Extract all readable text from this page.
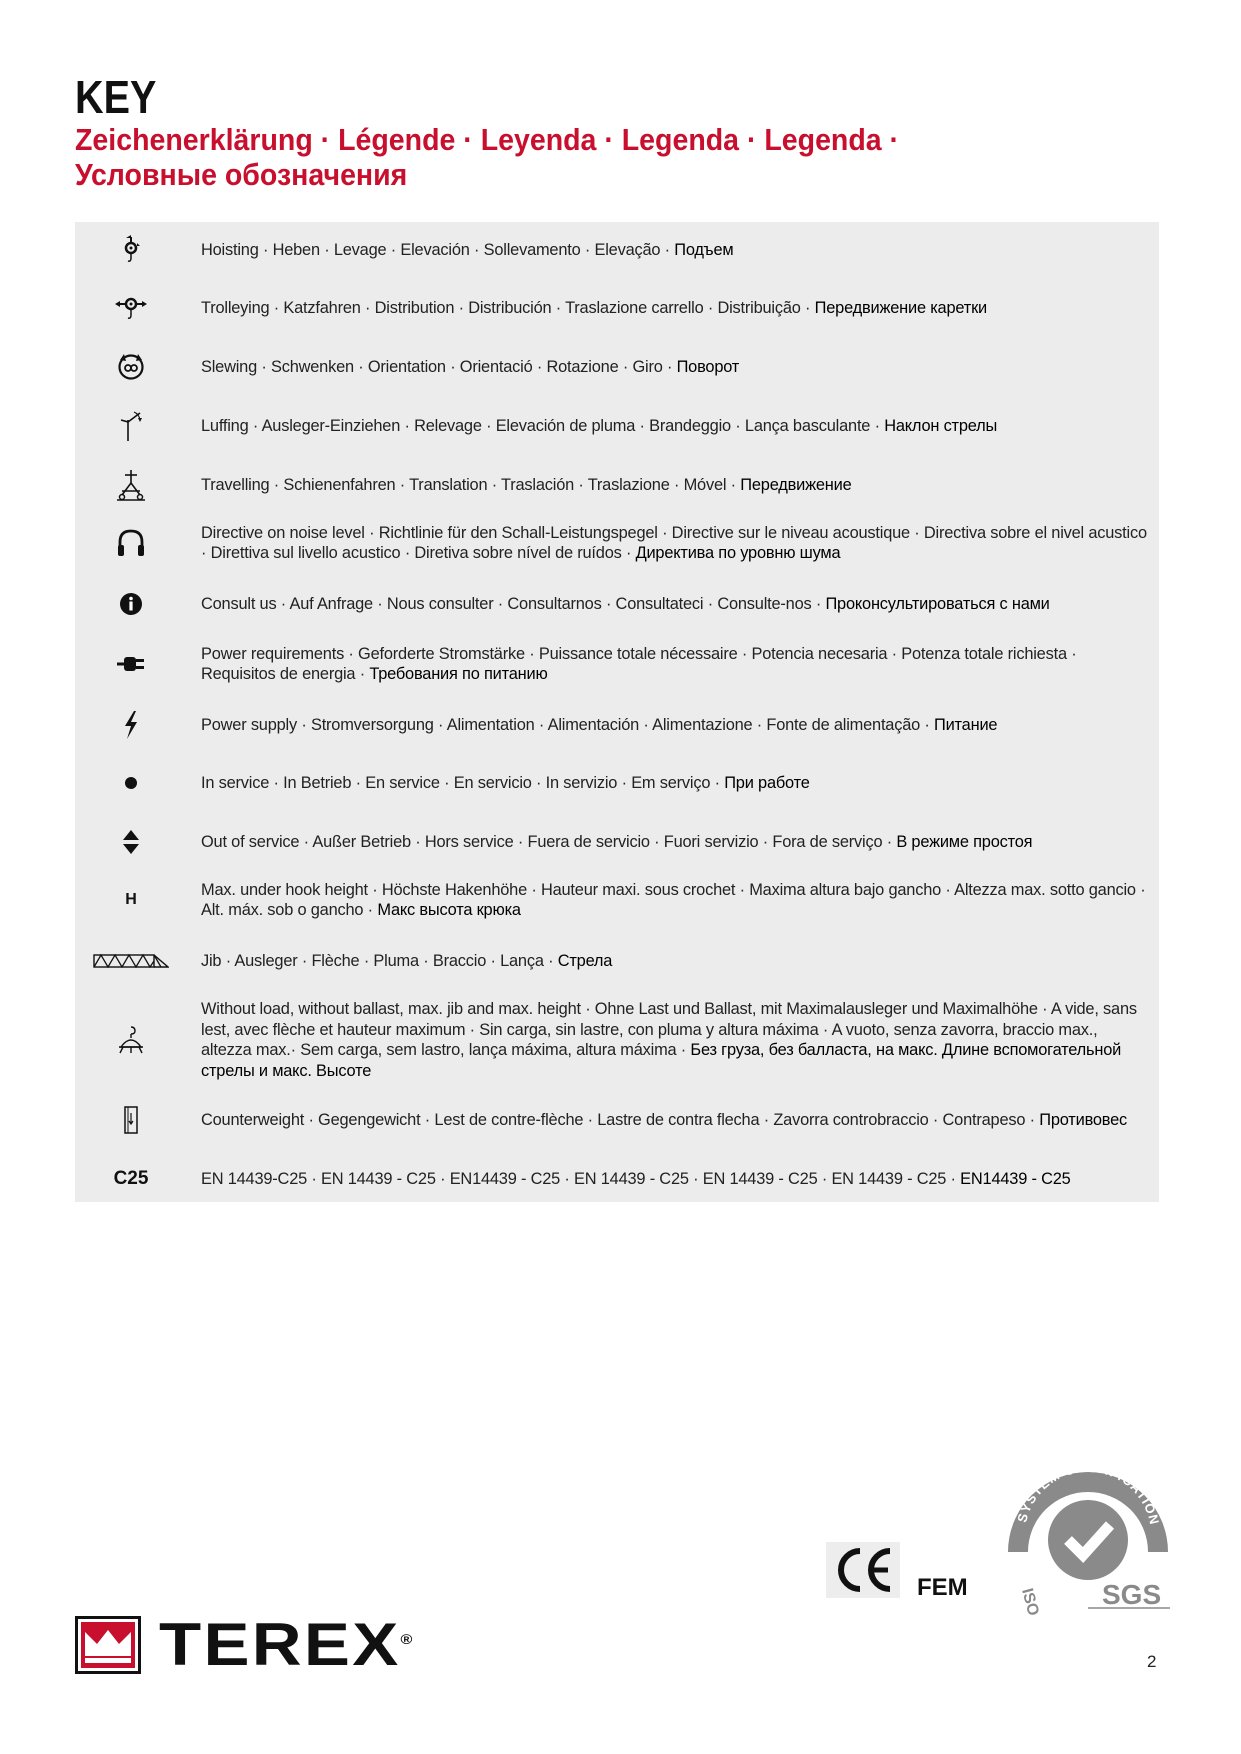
KEY
Zeichenerklärung · Légende · Leyenda · Legenda · Legenda · Условные обозначения
Hoisting · Heben · Levage · Elevación · Sollevamento · Elevação · Подъем
Trolleying · Katzfahren · Distribution · Distribución · Traslazione carrello · Distribuição · Передвижение каретки
Slewing · Schwenken · Orientation · Orientació · Rotazione · Giro · Поворот
Luffing · Ausleger-Einziehen · Relevage · Elevación de pluma · Brandeggio · Lança basculante · Наклон стрелы
Travelling · Schienenfahren · Translation · Traslación · Traslazione · Móvel · Передвижение
Directive on noise level · Richtlinie für den Schall-Leistungspegel · Directive sur le niveau acoustique · Directiva sobre el nivel acustico · Direttiva sul livello acustico · Diretiva sobre nível de ruídos · Директива по уровню шума
Consult us · Auf Anfrage · Nous consulter · Consultarnos · Consultateci · Consulte-nos · Проконсультироваться с нами
Power requirements · Geforderte Stromstärke · Puissance totale nécessaire · Potencia necesaria · Potenza totale richiesta · Requisitos de energia · Требования по питанию
Power supply · Stromversorgung · Alimentation · Alimentación · Alimentazione · Fonte de alimentação · Питание
In service · In Betrieb · En service · En servicio · In servizio · Em serviço · При работе
Out of service · Außer Betrieb · Hors service · Fuera de servicio · Fuori servizio · Fora de serviço · В режиме простоя
H
Max. under hook height · Höchste Hakenhöhe · Hauteur maxi. sous crochet · Maxima altura bajo gancho · Altezza max. sotto gancio · Alt. máx. sob o gancho · Макс высота крюка
Jib · Ausleger · Flèche · Pluma · Braccio · Lança · Стрела
Without load, without ballast, max. jib and max. height · Ohne Last und Ballast, mit Maximalausleger und Maximalhöhe · A vide, sans lest, avec flèche et hauteur maximum · Sin carga, sin lastre, con pluma y altura máxima · A vuoto, senza zavorra, braccio max., altezza max.· Sem carga, sem lastro, lança máxima, altura máxima · Без груза, без балласта, на макс. Длине вспомогательной стрелы и макс. Высоте
Counterweight · Gegengewicht · Lest de contre-flèche · Lastre de contra flecha · Zavorra controbraccio · Contrapeso · Противовес
C25	EN 14439-C25 · EN 14439 - C25 · EN14439 - C25 · EN 14439 - C25 · EN 14439 - C25 · EN 14439 - C25 · EN14439 - C25
FEM
SYSTEM CERTIFICATION
SGS
TEREX®
2
